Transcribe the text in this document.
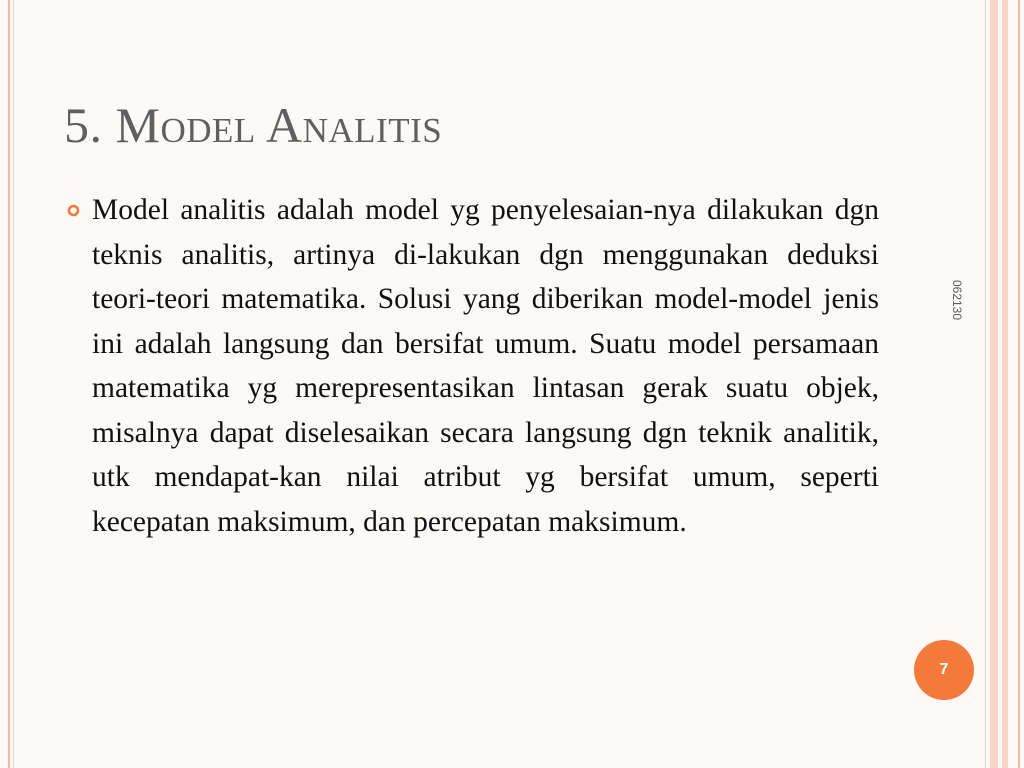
5. Model Analitis

Model analitis adalah model yg penyelesaian-nya dilakukan dgn teknis analitis, artinya di-lakukan dgn menggunakan deduksi teori-teori matematika. Solusi yang diberikan model-model jenis ini adalah langsung dan bersifat umum. Suatu model persamaan matematika yg merepresentasikan lintasan gerak suatu objek, misalnya dapat diselesaikan secara langsung dgn teknik analitik, utk mendapat-kan nilai atribut yg bersifat umum, seperti kecepatan maksimum, dan percepatan maksimum.

062130
7
